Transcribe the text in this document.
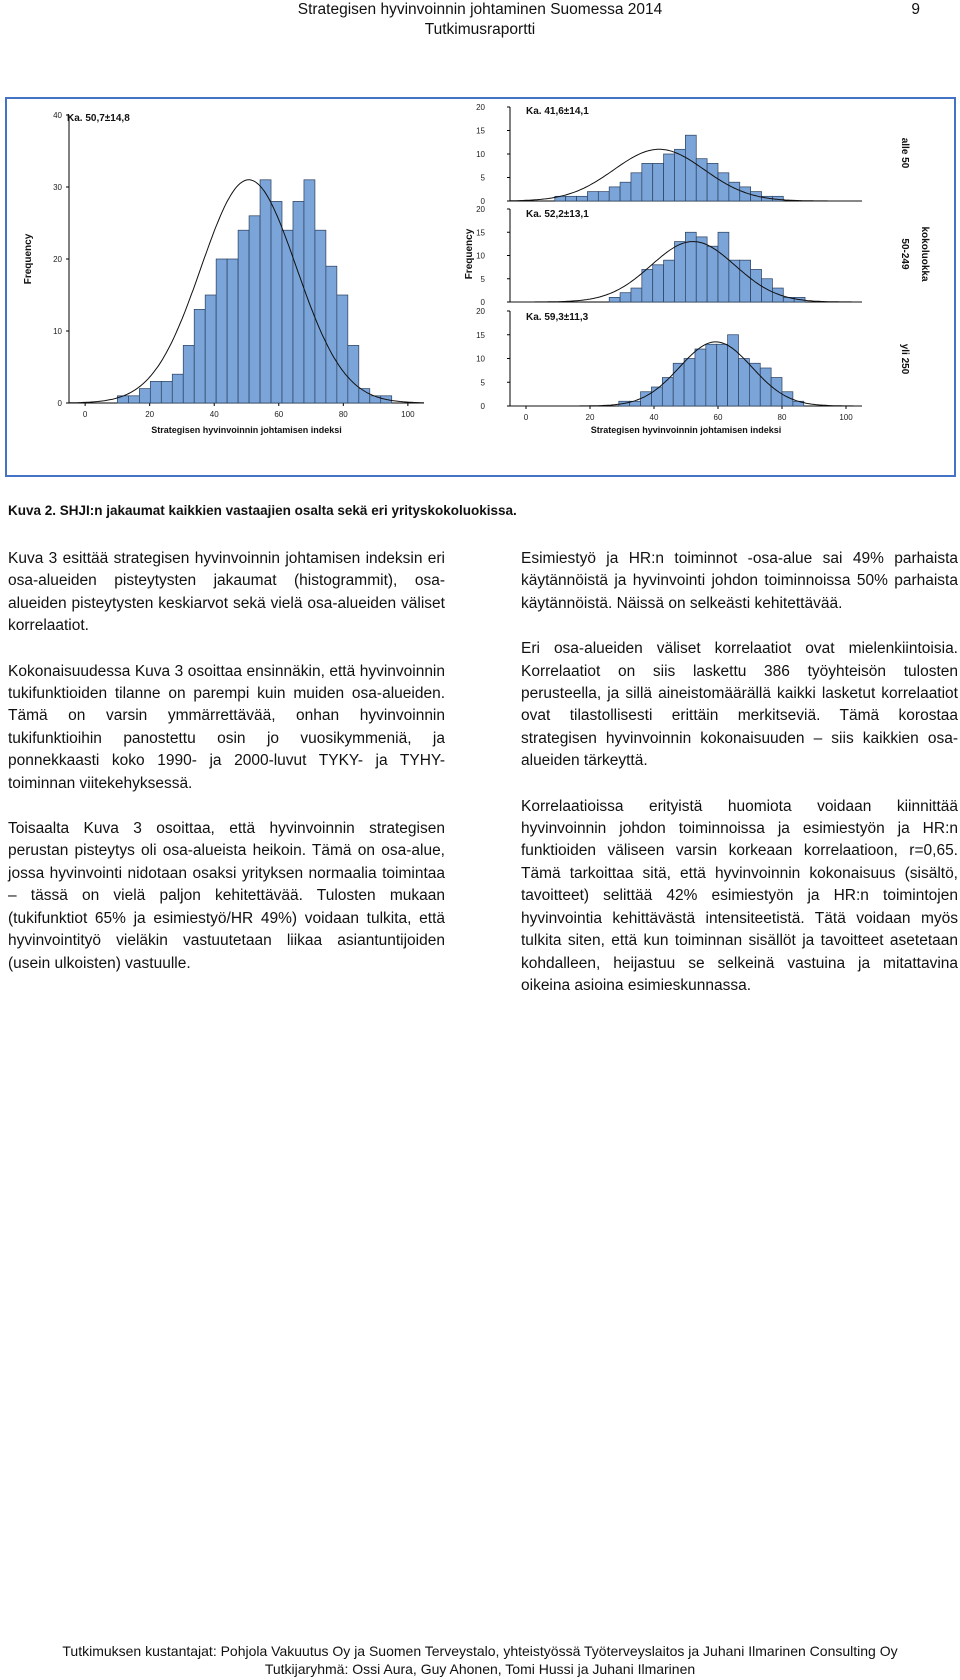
Strategisen hyvinvoinnin johtaminen Suomessa 2014
Tutkimusraportti
9
0
10
20
30
40
0	20	40	60	80	100
Ka. 50,7±14,8
Strategisen hyvinvoinnin johtamisen indeksi
Frequency
0
5
10
15
20	Ka. 41,6±14,1
alle 50
0
5
10
15
20	Ka. 52,2±13,1
50-249
0
5
10
15
20
0	20	40	60	80	100
Ka. 59,3±11,3
Strategisen hyvinvoinnin johtamisen indeksi
yli 250
Frequency	kokoluokka
Kuva 2. SHJI:n jakaumat kaikkien vastaajien osalta sekä eri yrityskokoluokissa.

Kuva 3 esittää strategisen hyvinvoinnin johtamisen indeksin eri osa-alueiden pisteytysten jakaumat (histogrammit), osa-alueiden pisteytysten keskiarvot sekä vielä osa-alueiden väliset korrelaatiot.

Kokonaisuudessa Kuva 3 osoittaa ensinnäkin, että hyvinvoinnin tukifunktioiden tilanne on parempi kuin muiden osa-alueiden. Tämä on varsin ymmärrettävää, onhan hyvinvoinnin tukifunktioihin panostettu osin jo vuosikymmeniä, ja ponnekkaasti koko 1990- ja 2000-luvut TYKY- ja TYHY-toiminnan viitekehyksessä.

Toisaalta Kuva 3 osoittaa, että hyvinvoinnin strategisen perustan pisteytys oli osa-alueista heikoin. Tämä on osa-alue, jossa hyvinvointi nidotaan osaksi yrityksen normaalia toimintaa – tässä on vielä paljon kehitettävää. Tulosten mukaan (tukifunktiot 65% ja esimiestyö/HR 49%) voidaan tulkita, että hyvinvointityö vieläkin vastuutetaan liikaa asiantuntijoiden (usein ulkoisten) vastuulle.

Esimiestyö ja HR:n toiminnot -osa-alue sai 49% parhaista käytännöistä ja hyvinvointi johdon toiminnoissa 50% parhaista käytännöistä. Näissä on selkeästi kehitettävää.

Eri osa-alueiden väliset korrelaatiot ovat mielenkiintoisia. Korrelaatiot on siis laskettu 386 työyhteisön tulosten perusteella, ja sillä aineistomäärällä kaikki lasketut korrelaatiot ovat tilastollisesti erittäin merkitseviä. Tämä korostaa strategisen hyvinvoinnin kokonaisuuden – siis kaikkien osa-alueiden tärkeyttä.

Korrelaatioissa erityistä huomiota voidaan kiinnittää hyvinvoinnin johdon toiminnoissa ja esimiestyön ja HR:n funktioiden väliseen varsin korkeaan korrelaatioon, r=0,65. Tämä tarkoittaa sitä, että hyvinvoinnin kokonaisuus (sisältö, tavoitteet) selittää 42% esimiestyön ja HR:n toimintojen hyvinvointia kehittävästä intensiteetistä. Tätä voidaan myös tulkita siten, että kun toiminnan sisällöt ja tavoitteet asetetaan kohdalleen, heijastuu se selkeinä vastuina ja mitattavina oikeina asioina esimieskunnassa.

Tutkimuksen kustantajat: Pohjola Vakuutus Oy ja Suomen Terveystalo, yhteistyössä Työterveyslaitos ja Juhani Ilmarinen Consulting Oy
Tutkijaryhmä: Ossi Aura, Guy Ahonen, Tomi Hussi ja Juhani Ilmarinen
